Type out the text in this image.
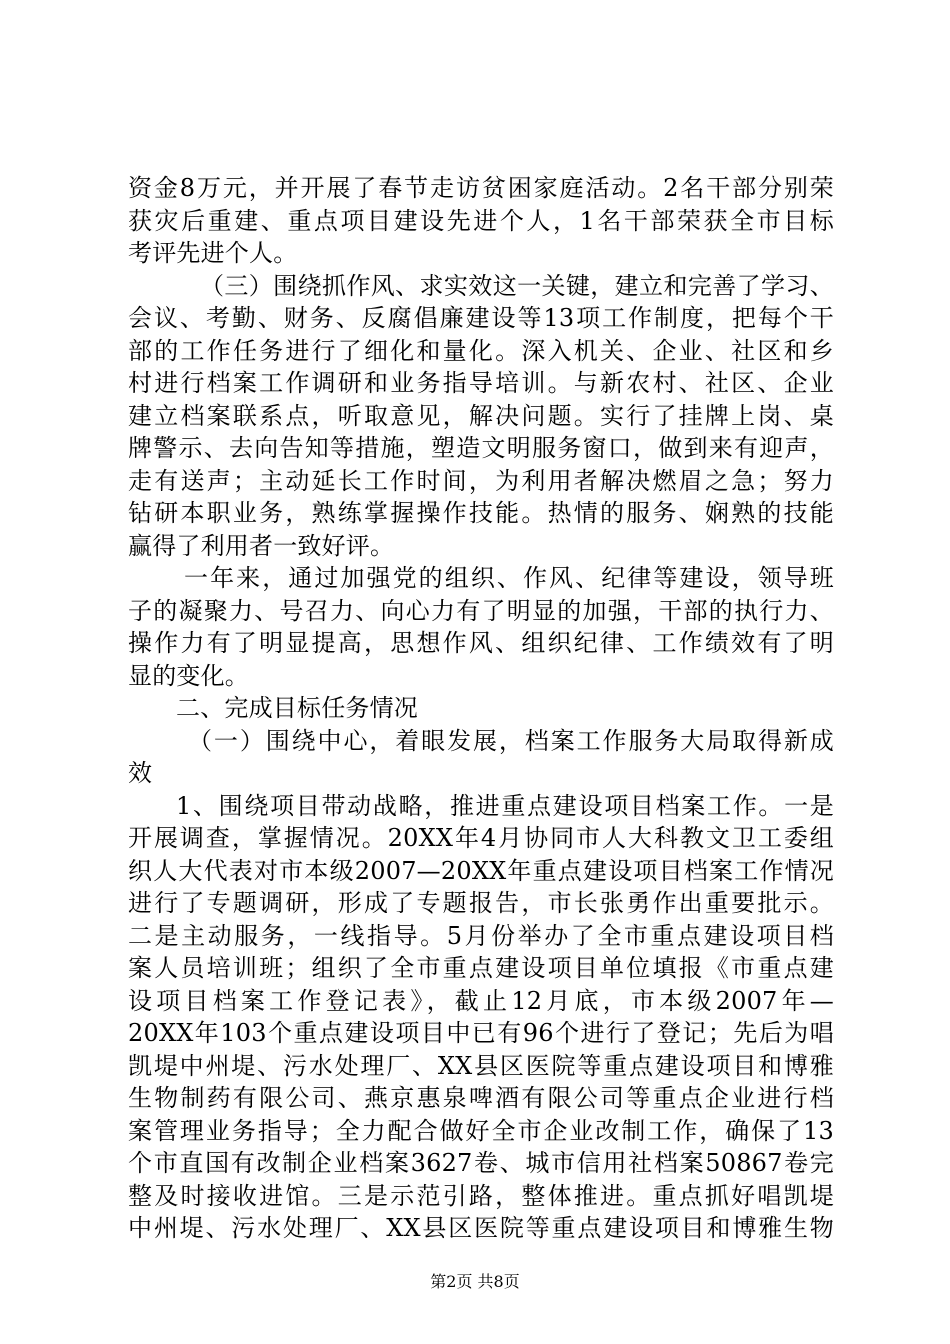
资金8万元，并开展了春节走访贫困家庭活动。2名干部分别荣
获灾后重建、重点项目建设先进个人，1名干部荣获全市目标
考评先进个人。
（三）围绕抓作风、求实效这一关键，建立和完善了学习、
会议、考勤、财务、反腐倡廉建设等13项工作制度，把每个干
部的工作任务进行了细化和量化。深入机关、企业、社区和乡
村进行档案工作调研和业务指导培训。与新农村、社区、企业
建立档案联系点，听取意见，解决问题。实行了挂牌上岗、桌
牌警示、去向告知等措施，塑造文明服务窗口，做到来有迎声，
走有送声；主动延长工作时间，为利用者解决燃眉之急；努力
钻研本职业务，熟练掌握操作技能。热情的服务、娴熟的技能
赢得了利用者一致好评。
一年来，通过加强党的组织、作风、纪律等建设，领导班
子的凝聚力、号召力、向心力有了明显的加强，干部的执行力、
操作力有了明显提高，思想作风、组织纪律、工作绩效有了明
显的变化。
二、完成目标任务情况
（一）围绕中心，着眼发展，档案工作服务大局取得新成
效
1、围绕项目带动战略，推进重点建设项目档案工作。一是
开展调查，掌握情况。20XX年4月协同市人大科教文卫工委组
织人大代表对市本级2007—20XX年重点建设项目档案工作情况
进行了专题调研，形成了专题报告，市长张勇作出重要批示。
二是主动服务，一线指导。5月份举办了全市重点建设项目档
案人员培训班；组织了全市重点建设项目单位填报《市重点建
设项目档案工作登记表》，截止12月底，市本级2007年—
20XX年103个重点建设项目中已有96个进行了登记；先后为唱
凯堤中州堤、污水处理厂、XX县区医院等重点建设项目和博雅
生物制药有限公司、燕京惠泉啤酒有限公司等重点企业进行档
案管理业务指导；全力配合做好全市企业改制工作，确保了13
个市直国有改制企业档案3627卷、城市信用社档案50867卷完
整及时接收进馆。三是示范引路，整体推进。重点抓好唱凯堤
中州堤、污水处理厂、XX县区医院等重点建设项目和博雅生物
第2页 共8页
